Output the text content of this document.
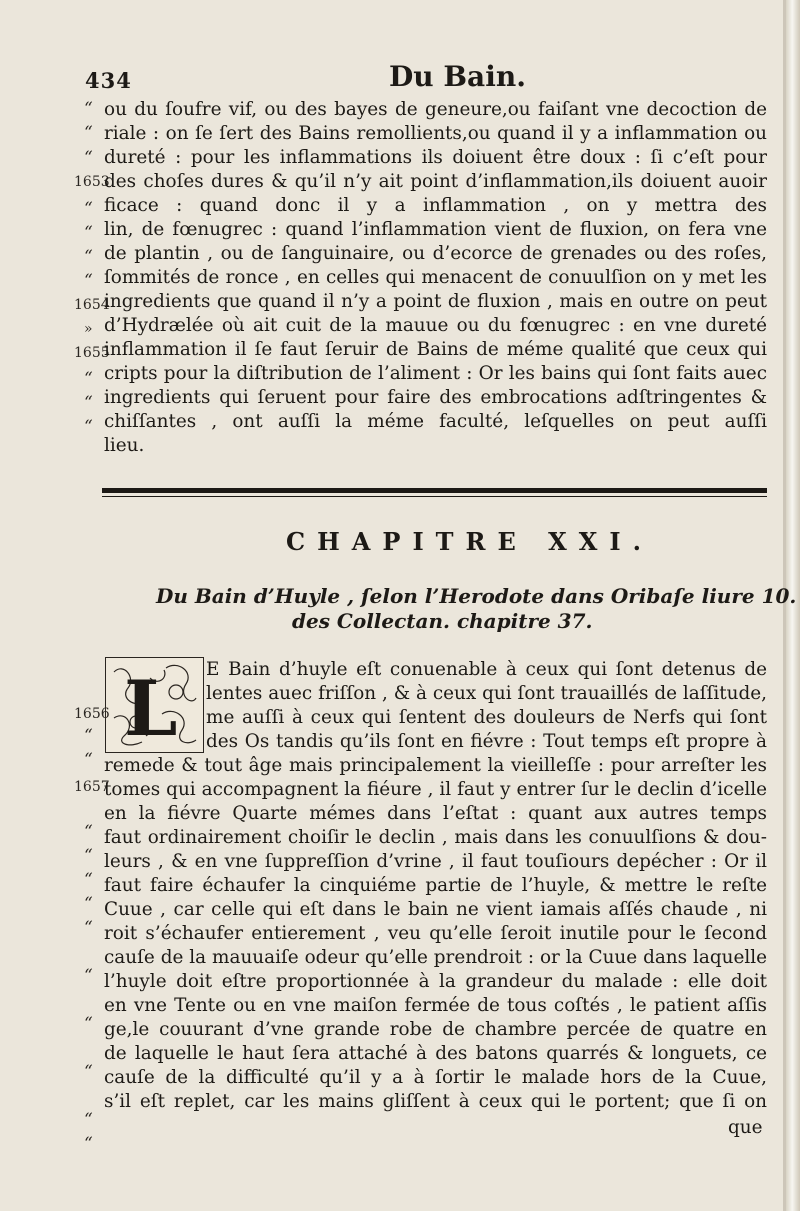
434	Du Bain.
“
“
“
1653
“
“
“
“
1654
»
1655
“
“
“
ou du ſoufre vif, ou des bayes de geneure,ou faiſant vne decoction de
riale : on ſe ſert des Bains remollients,ou quand il y a inflammation ou
dureté : pour les inflammations ils doiuent être doux : ſi c’eſt pour
des choſes dures & qu’il n’y ait point d’inflammation,ils doiuent auoir
ficace : quand donc il y a inflammation , on y mettra des
lin, de fœnugrec : quand l’inflammation vient de fluxion, on fera vne
de plantin , ou de ſanguinaire, ou d’ecorce de grenades ou des roſes,
ſommités de ronce , en celles qui menacent de conuulſion on y met les
ingredients que quand il n’y a point de fluxion , mais en outre on peut
d’Hydrælée où ait cuit de la mauue ou du fœnugrec : en vne dureté
inflammation il ſe faut ſeruir de Bains de méme qualité que ceux qui
cripts pour la diſtribution de l’aliment : Or les bains qui ſont faits auec
ingredients qui ſeruent pour faire des embrocations adſtringentes &
chiſſantes , ont auſſi la méme faculté, leſquelles on peut auſſi
lieu.
CHAPITRE XXI.
Du Bain d’Huyle , ſelon l’Herodote dans Oribaſe liure 10.
des Collectan. chapitre 37.
L
1656
“
“
1657
“
“
“
“
“
“
“
“
“
“
E Bain d’huyle eſt conuenable à ceux qui ſont detenus de
lentes auec friſſon , & à ceux qui ſont trauaillés de laſſitude,
me auſſi à ceux qui ſentent des douleurs de Nerfs qui ſont
des Os tandis qu’ils ſont en fiévre : Tout temps eſt propre à
remede & tout âge mais principalement la vieilleſſe : pour arreſter les
tomes qui accompagnent la fiéure , il faut y entrer ſur le declin d’icelle
en la fiévre Quarte mémes dans l’eſtat : quant aux autres temps
faut ordinairement choiſir le declin , mais dans les conuulſions & dou-
leurs , & en vne ſuppreſſion d’vrine , il faut touſiours depécher : Or il
faut faire échaufer la cinquiéme partie de l’huyle, & mettre le reſte
Cuue , car celle qui eſt dans le bain ne vient iamais aſſés chaude , ni
roit s’échaufer entierement , veu qu’elle ſeroit inutile pour le ſecond
cauſe de la mauuaiſe odeur qu’elle prendroit : or la Cuue dans laquelle
l’huyle doit eſtre proportionnée à la grandeur du malade : elle doit
en vne Tente ou en vne maiſon fermée de tous coſtés , le patient aſſis
ge,le couurant d’vne grande robe de chambre percée de quatre en
de laquelle le haut ſera attaché à des batons quarrés & longuets, ce
cauſe de la difficulté qu’il y a à ſortir le malade hors de la Cuue,
s’il eſt replet, car les mains gliſſent à ceux qui le portent; que ſi on
que
